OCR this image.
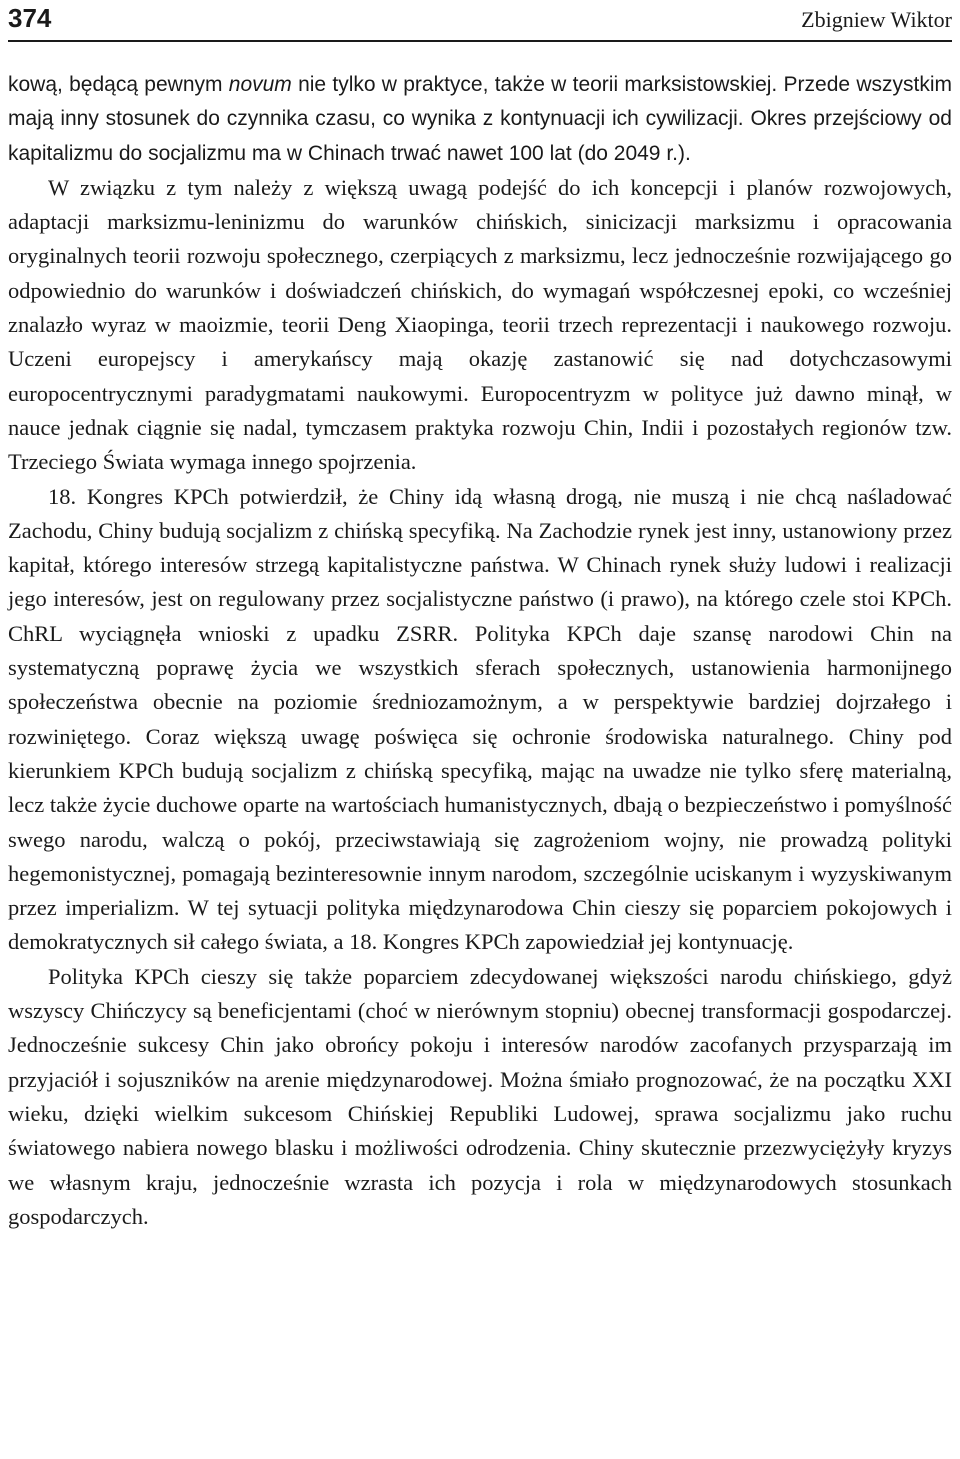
374	Zbigniew Wiktor

kową, będącą pewnym novum nie tylko w praktyce, także w teorii marksistowskiej. Przede wszystkim mają inny stosunek do czynnika czasu, co wynika z kontynuacji ich cywilizacji. Okres przejściowy od kapitalizmu do socjalizmu ma w Chinach trwać nawet 100 lat (do 2049 r.).

W związku z tym należy z większą uwagą podejść do ich koncepcji i planów rozwojowych, adaptacji marksizmu-leninizmu do warunków chińskich, sinicizacji marksizmu i opracowania oryginalnych teorii rozwoju społecznego, czerpiących z marksizmu, lecz jednocześnie rozwijającego go odpowiednio do warunków i doświadczeń chińskich, do wymagań współczesnej epoki, co wcześniej znalazło wyraz w maoizmie, teorii Deng Xiaopinga, teorii trzech reprezentacji i naukowego rozwoju. Uczeni europejscy i amerykańscy mają okazję zastanowić się nad dotychczasowymi europocentrycznymi paradygmatami naukowymi. Europocentryzm w polityce już dawno minął, w nauce jednak ciągnie się nadal, tymczasem praktyka rozwoju Chin, Indii i pozostałych regionów tzw. Trzeciego Świata wymaga innego spojrzenia.

18. Kongres KPCh potwierdził, że Chiny idą własną drogą, nie muszą i nie chcą naśladować Zachodu, Chiny budują socjalizm z chińską specyfiką. Na Zachodzie rynek jest inny, ustanowiony przez kapitał, którego interesów strzegą kapitalistyczne państwa. W Chinach rynek służy ludowi i realizacji jego interesów, jest on regulowany przez socjalistyczne państwo (i prawo), na którego czele stoi KPCh. ChRL wyciągnęła wnioski z upadku ZSRR. Polityka KPCh daje szansę narodowi Chin na systematyczną poprawę życia we wszystkich sferach społecznych, ustanowienia harmonijnego społeczeństwa obecnie na poziomie średniozamożnym, a w perspektywie bardziej dojrzałego i rozwiniętego. Coraz większą uwagę poświęca się ochronie środowiska naturalnego. Chiny pod kierunkiem KPCh budują socjalizm z chińską specyfiką, mając na uwadze nie tylko sferę materialną, lecz także życie duchowe oparte na wartościach humanistycznych, dbają o bezpieczeństwo i pomyślność swego narodu, walczą o pokój, przeciwstawiają się zagrożeniom wojny, nie prowadzą polityki hegemonistycznej, pomagają bezinteresownie innym narodom, szczególnie uciskanym i wyzyskiwanym przez imperializm. W tej sytuacji polityka międzynarodowa Chin cieszy się poparciem pokojowych i demokratycznych sił całego świata, a 18. Kongres KPCh zapowiedział jej kontynuację.

Polityka KPCh cieszy się także poparciem zdecydowanej większości narodu chińskiego, gdyż wszyscy Chińczycy są beneficjentami (choć w nierównym stopniu) obecnej transformacji gospodarczej. Jednocześnie sukcesy Chin jako obrońcy pokoju i interesów narodów zacofanych przysparzają im przyjaciół i sojuszników na arenie międzynarodowej. Można śmiało prognozować, że na początku XXI wieku, dzięki wielkim sukcesom Chińskiej Republiki Ludowej, sprawa socjalizmu jako ruchu światowego nabiera nowego blasku i możliwości odrodzenia. Chiny skutecznie przezwyciężyły kryzys we własnym kraju, jednocześnie wzrasta ich pozycja i rola w międzynarodowych stosunkach gospodarczych.
